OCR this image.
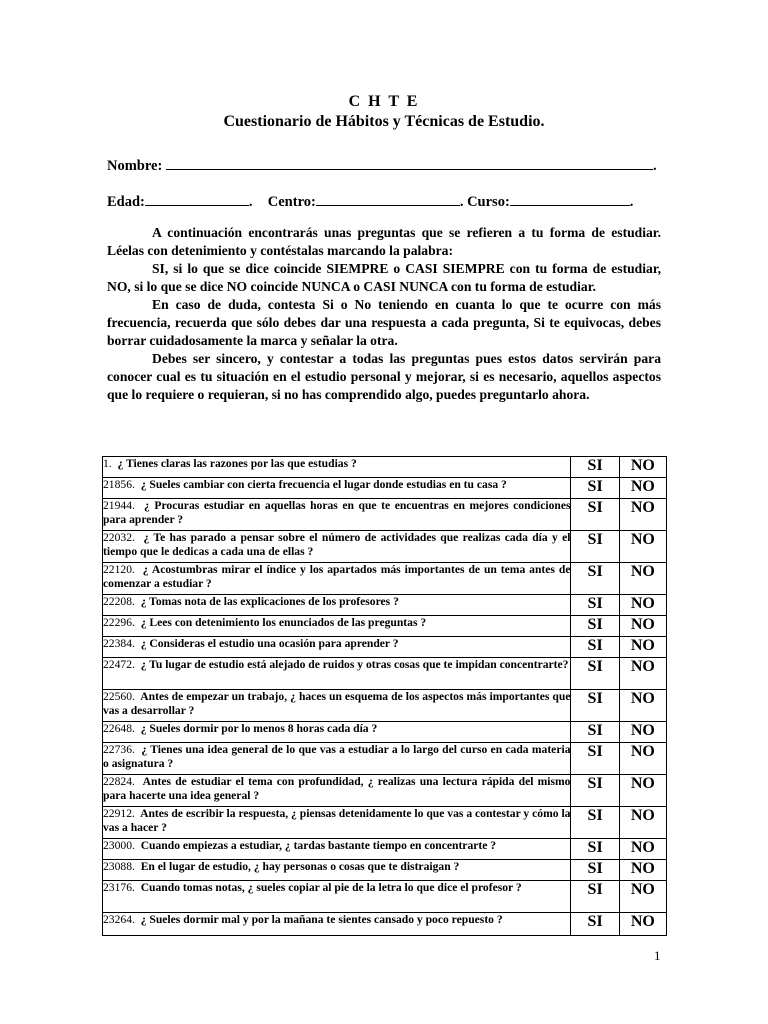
C H T E
Cuestionario de Hábitos y Técnicas de Estudio.
Nombre:	.
Edad:	. Centro:	. Curso:	.

A continuación encontrarás unas preguntas que se refieren a tu forma de estudiar. Léelas con detenimiento y contéstalas marcando la palabra:

SI, si lo que se dice coincide SIEMPRE o CASI SIEMPRE con tu forma de estudiar, NO, si lo que se dice NO coincide NUNCA o CASI NUNCA con tu forma de estudiar.

En caso de duda, contesta Si o No teniendo en cuanta lo que te ocurre con más frecuencia, recuerda que sólo debes dar una respuesta a cada pregunta, Si te equivocas, debes borrar cuidadosamente la marca y señalar la otra.

Debes ser sincero, y contestar a todas las preguntas pues estos datos servirán para conocer cual es tu situación en el estudio personal y mejorar, si es necesario, aquellos aspectos que lo requiere o requieran, si no has comprendido algo, puedes preguntarlo ahora.

1. ¿ Tienes claras las razones por las que estudias ?	SI	NO
21856. ¿ Sueles cambiar con cierta frecuencia el lugar donde estudias en tu casa ?	SI	NO
21944. ¿ Procuras estudiar en aquellas horas en que te encuentras en mejores condiciones para aprender ?	SI	NO
22032. ¿ Te has parado a pensar sobre el número de actividades que realizas cada día y el tiempo que le dedicas a cada una de ellas ?	SI	NO
22120. ¿ Acostumbras mirar el índice y los apartados más importantes de un tema antes de comenzar a estudiar ?	SI	NO
22208. ¿ Tomas nota de las explicaciones de los profesores ?	SI	NO
22296. ¿ Lees con detenimiento los enunciados de las preguntas ?	SI	NO
22384. ¿ Consideras el estudio una ocasión para aprender ?	SI	NO
22472. ¿ Tu lugar de estudio está alejado de ruidos y otras cosas que te impidan concentrarte?	SI	NO
22560. Antes de empezar un trabajo, ¿ haces un esquema de los aspectos más importantes que vas a desarrollar ?	SI	NO
22648. ¿ Sueles dormir por lo menos 8 horas cada día ?	SI	NO
22736. ¿ Tienes una idea general de lo que vas a estudiar a lo largo del curso en cada materia o asignatura ?	SI	NO
22824. Antes de estudiar el tema con profundidad, ¿ realizas una lectura rápida del mismo para hacerte una idea general ?	SI	NO
22912. Antes de escribir la respuesta, ¿ piensas detenidamente lo que vas a contestar y cómo la vas a hacer ?	SI	NO
23000. Cuando empiezas a estudiar, ¿ tardas bastante tiempo en concentrarte ?	SI	NO
23088. En el lugar de estudio, ¿ hay personas o cosas que te distraigan ?	SI	NO
23176. Cuando tomas notas, ¿ sueles copiar al pie de la letra lo que dice el profesor ?	SI	NO
23264. ¿ Sueles dormir mal y por la mañana te sientes cansado y poco repuesto ?	SI	NO
1
